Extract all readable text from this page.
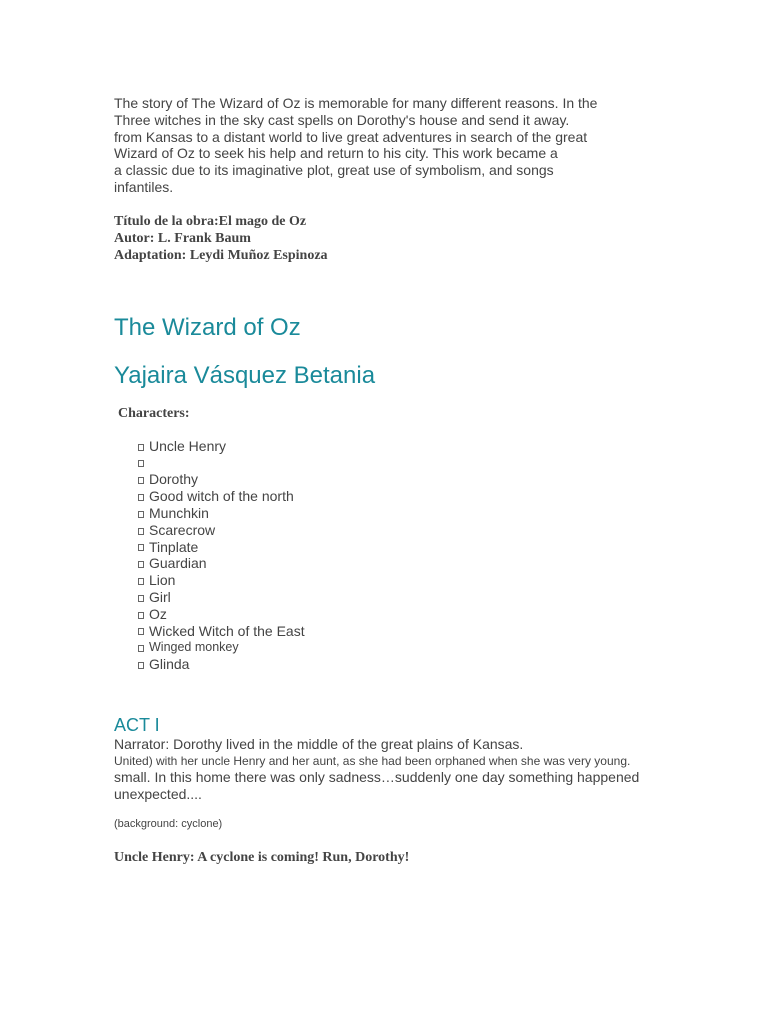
The story of The Wizard of Oz is memorable for many different reasons. In the
Three witches in the sky cast spells on Dorothy's house and send it away.
from Kansas to a distant world to live great adventures in search of the great
Wizard of Oz to seek his help and return to his city. This work became a
a classic due to its imaginative plot, great use of symbolism, and songs
infantiles.
Título de la obra:El mago de Oz
Autor: L. Frank Baum
Adaptation: Leydi Muñoz Espinoza
The Wizard of Oz
Yajaira Vásquez Betania
Characters:
Uncle Henry
Dorothy
Good witch of the north
Munchkin
Scarecrow
Tinplate
Guardian
Lion
Girl
Oz
Wicked Witch of the East
Winged monkey
Glinda
ACT I
Narrator: Dorothy lived in the middle of the great plains of Kansas.
United) with her uncle Henry and her aunt, as she had been orphaned when she was very young.
small. In this home there was only sadness…suddenly one day something happened
unexpected....
(background: cyclone)
Uncle Henry: A cyclone is coming! Run, Dorothy!
